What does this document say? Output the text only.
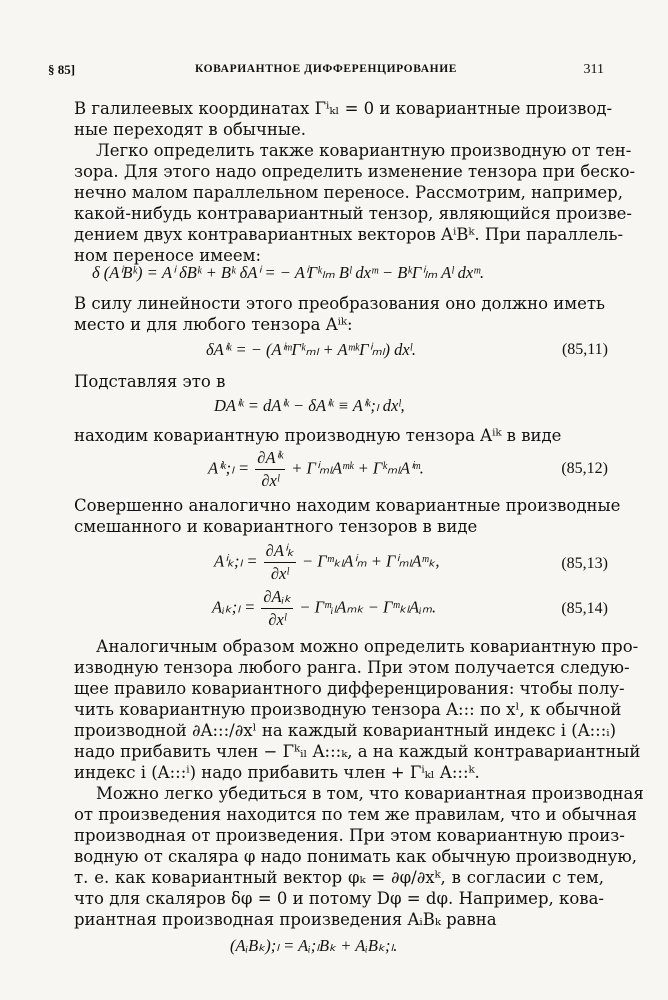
§ 85]	КОВАРИАНТНОЕ ДИФФЕРЕНЦИРОВАНИЕ	311
В галилеевых координатах Γⁱₖₗ = 0 и ковариантные производ-
ные переходят в обычные.
Легко определить также ковариантную производную от тен-
зора. Для этого надо определить изменение тензора при беско-
нечно малом параллельном переносе. Рассмотрим, например,
какой-нибудь контравариантный тензор, являющийся произве-
дением двух контравариантных векторов AⁱBᵏ. При параллель-
ном переносе имеем:
δ (AⁱBᵏ) = Aⁱ δBᵏ + Bᵏ δAⁱ = − AⁱΓᵏₗₘ Bˡ dxᵐ − BᵏΓⁱₗₘ Aˡ dxᵐ.
В силу линейности этого преобразования оно должно иметь
место и для любого тензора Aⁱᵏ:
δAⁱᵏ = − (AⁱᵐΓᵏₘₗ + AᵐᵏΓⁱₘₗ) dxˡ.	(85,11)
Подставляя это в
DAⁱᵏ = dAⁱᵏ − δAⁱᵏ ≡ Aⁱᵏ;ₗ dxˡ,
находим ковариантную производную тензора Aⁱᵏ в виде
Aⁱᵏ;ₗ = $\frac{\text{∂Aⁱᵏ}}{\text{∂xˡ}}$ + ΓⁱₘₗAᵐᵏ + ΓᵏₘₗAⁱᵐ.	(85,12)
Совершенно аналогично находим ковариантные производные
смешанного и ковариантного тензоров в виде
Aⁱₖ;ₗ = $\frac{\text{∂Aⁱₖ}}{\text{∂xˡ}}$ − ΓᵐₖₗAⁱₘ + ΓⁱₘₗAᵐₖ,	(85,13)
Aᵢₖ;ₗ = $\frac{\text{∂Aᵢₖ}}{\text{∂xˡ}}$ − ΓᵐᵢₗAₘₖ − ΓᵐₖₗAᵢₘ.	(85,14)
Аналогичным образом можно определить ковариантную про-
изводную тензора любого ранга. При этом получается следую-
щее правило ковариантного дифференцирования: чтобы полу-
чить ковариантную производную тензора A::: по xˡ, к обычной
производной ∂A:::/∂xˡ на каждый ковариантный индекс i (A:::ᵢ)
надо прибавить член − Γᵏᵢₗ A:::ₖ, а на каждый контравариантный
индекс i (A:::ⁱ) надо прибавить член + Γⁱₖₗ A:::ᵏ.
Можно легко убедиться в том, что ковариантная производная
от произведения находится по тем же правилам, что и обычная
производная от произведения. При этом ковариантную произ-
водную от скаляра φ надо понимать как обычную производную,
т. е. как ковариантный вектор φₖ = ∂φ/∂xᵏ, в согласии с тем,
что для скаляров δφ = 0 и потому Dφ = dφ. Например, кова-
риантная производная произведения AᵢBₖ равна
(AᵢBₖ);ₗ = Aᵢ;ₗBₖ + AᵢBₖ;ₗ.
